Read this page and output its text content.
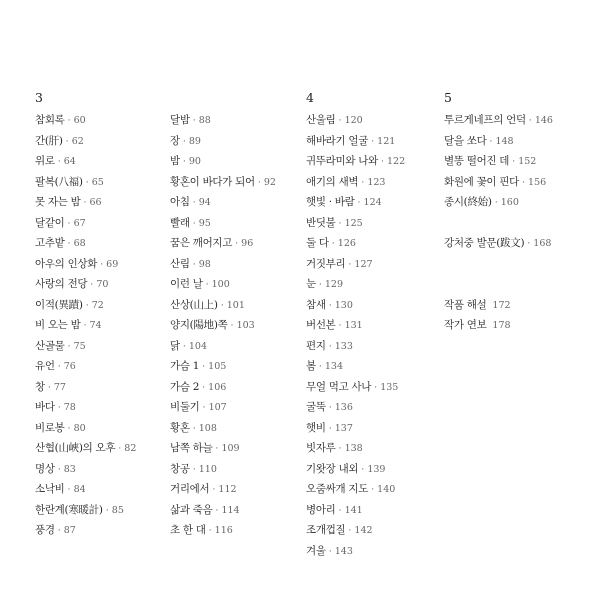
3
참회록 · 60
간(肝) · 62
위로 · 64
팔복(八福) · 65
못 자는 밤 · 66
달같이 · 67
고추밭 · 68
아우의 인상화 · 69
사랑의 전당 · 70
이적(異蹟) · 72
비 오는 밤 · 74
산골물 · 75
유언 · 76
창 · 77
바다 · 78
비로봉 · 80
산협(山峽)의 오후 · 82
명상 · 83
소낙비 · 84
한란계(寒暖計) · 85
풍경 · 87
달밤 · 88
장 · 89
밤 · 90
황혼이 바다가 되어 · 92
아침 · 94
빨래 · 95
꿈은 깨어지고 · 96
산림 · 98
이런 날 · 100
산상(山上) · 101
양지(陽地)쪽 · 103
닭 · 104
가슴 1 · 105
가슴 2 · 106
비둘기 · 107
황혼 · 108
남쪽 하늘 · 109
창공 · 110
거리에서 · 112
삶과 죽음 · 114
초 한 대 · 116
4
산울림 · 120
해바라기 얼굴 · 121
귀뚜라미와 나와 · 122
애기의 새벽 · 123
햇빛 · 바람 · 124
반딧불 · 125
둘 다 · 126
거짓부리 · 127
눈 · 129
참새 · 130
버선본 · 131
편지 · 133
봄 · 134
무얼 먹고 사나 · 135
굴뚝 · 136
햇비 · 137
빗자루 · 138
기왓장 내외 · 139
오줌싸개 지도 · 140
병아리 · 141
조개껍질 · 142
겨울 · 143
5
투르게네프의 언덕 · 146
달을 쏘다 · 148
별똥 떨어진 데 · 152
화원에 꽃이 핀다 · 156
종시(終始) · 160
강처중 발문(跋文) · 168
작품 해설 172
작가 연보 178
